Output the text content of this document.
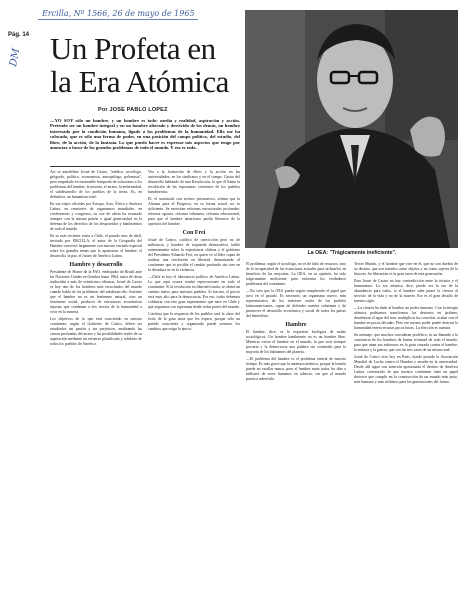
Ercilla, Nº 1566, 26 de mayo de 1965
Pág. 14
DM Un Profeta en
la Era Atómica
Por JOSE PABLO LOPEZ
La OEA: "Trágicamente ineficiente".

—YO SOY sólo un hombre, y un hombre es todo: media y realidad, aspiración y acción. Pretendo ser un hombre integral y en un hombre alterado y desvivido de los demás, un hombre interesado por la condición humana, ligado a los problemas de la humanidad. Ello me ha colocado, que es sólo una forma de poder, en una posición del campo político, del estudio, del libro, de la acción, de la fantasía. Lo que puedo hacer es expresar mis aspectos que tengo por anunciar a favor de los grandes problemas de todo el mundo. Y eso es todo.

Así se autodefine Josué de Castro, "médico, sociólogo, geógrafo, político, economista, antropólogo, polemista", pero empeñado en incansable búsqueda de soluciones a los problemas del hambre, la miseria, el atraso, la enfermedad, el subdesarrollo de los pueblos de la tierra. Es, en definitiva, un humanista total.

En sus viajes oficiales por Europa, Asia, África y América Latina, en reuniones de organismos mundiales, en conferencias y congresos, su voz de alerta ha resonado siempre con la misma pasión e igual generosidad en la defensa de los derechos de los desposeídos y hambrientos de todo el mundo.

En su más reciente visita a Chile, el pasado mes de abril, invitado por ERCILLA, el autor de la Geografía del Hambre conversó largamente con nuestro enviado especial sobre los grandes temas que lo apasionan: el hambre, el desarrollo, la paz, el futuro de América Latina.

Hambre y desarrollo

Presidente de Honor de la FAO, embajador de Brasil ante las Naciones Unidas en Ginebra hasta 1964, autor de obras traducidas a más de veinticinco idiomas, Josué de Castro es hoy uno de los hombres más escuchados del mundo cuando habla de los problemas del subdesarrollo. Sostiene que el hambre no es un fenómeno natural, sino un fenómeno social, producto de estructuras económicas injustas que condenan a dos tercios de la humanidad a vivir en la miseria.

Los objetivos de lo que está ocurriendo en nuestro continente, según el Gobierno de Castro, deben ser estudiados sin pasión y sin prejuicios, analizando las causas profundas del atraso y las posibilidades reales de su superación mediante un esfuerzo planificado y solidario de todos los pueblos de América.

Vea a la formación de élites y la acción en las universidades, en los sindicatos y en el campo. Castro del desarrollo hablando de una Revolución, lo que él llama la revolución de las esperanzas crecientes de los pueblos hambrientos.

El, el sustancial con acertos persuasivos, afirma que la Alianza para el Progreso, en su forma actual, no es suficiente. Se necesitan reformas estructurales profundas: reforma agraria, reforma tributaria, reforma educacional, para que el hombre americano pueda liberarse de la opresión del hambre.

Con Frei

Josué de Castro, católico de convicción pero no de militancia, y hombre de izquierda democrática, habló extensamente sobre la experiencia chilena y el gobierno del Presidente Eduardo Frei, en quien ve al líder capaz de realizar una revolución en libertad, demostrando al continente que es posible el cambio profundo sin caer en la dictadura ni en la violencia.

—Chile es hoy el laboratorio político de América Latina. Lo que aquí ocurra tendrá repercusiones en todo el continente. Si la revolución en libertad triunfa, se abrirá un camino nuevo para nuestros pueblos. Si fracasa, el precio será muy alto para la democracia. Por eso, todos debemos colaborar con este gran experimento que nace en Chile y que seguimos con esperanza desde todas partes del mundo.

Confiesa que la respuesta de los pueblos será la clave del éxito de la gran tarea que les espera, porque sólo un pueblo consciente y organizado puede sostener los cambios que exige la época.

El problema, según el sociólogo, no es de falta de recursos, sino de la incapacidad de las estructuras actuales para utilizarlos en beneficio de las mayorías. La OEA, en su opinión, ha sido trágicamente ineficiente para enfrentar los verdaderos problemas del continente.

—No creo que la OEA pueda seguir cumpliendo el papel que tuvo en el pasado. Es necesario un organismo nuevo, más representativo de los intereses reales de los pueblos latinoamericanos, capaz de defender nuestra soberanía y de promover el desarrollo económico y social de todos los países del hemisferio.

Hambre

El hambre, dice, es la expresión biológica de males sociológicos. Un hombre hambriento no es un hombre libre. Mientras exista el hambre en el mundo, la paz será siempre precaria y la democracia una palabra sin contenido para la mayoría de los habitantes del planeta.

—El problema del hambre es el problema central de nuestro tiempo. Es más grave que la amenaza atómica, porque la bomba puede no estallar nunca, pero el hambre mata todos los días a millones de seres humanos en silencio, sin que el mundo parezca advertirlo.

Tercer Mundo, y el hombre que vive en él, que no son dueños de su destino, que son tratados como objetos y no como sujetos de la historia. Su liberación es la gran tarea de esta generación.

Para Josué de Castro no hay contradicción entre la técnica y el humanismo. La era atómica, dice, puede ser la era de la abundancia para todos, si el hombre sabe poner la ciencia al servicio de la vida y no de la muerte. Ese es el gran desafío de nuestro siglo.

—La ciencia ha dado al hombre un poder inmenso. Con la energía atómica podríamos transformar los desiertos en jardines, desalinizar el agua del mar, multiplicar las cosechas, acabar con el hambre en pocas décadas. Pero ese mismo poder puede destruir la humanidad entera en unas pocas horas. La elección es nuestra.

Su mensaje, que muchos consideran profético, es un llamado a la conciencia de los hombres de buena voluntad de todo el mundo, para que unan sus esfuerzos en la gran cruzada contra el hambre, la miseria y la guerra, que son las tres caras de un mismo mal.

Josué de Castro vive hoy en París, donde preside la Asociación Mundial de Lucha contra el Hambre y enseña en la universidad. Desde allí sigue con atención apasionada el destino de América Latina, convencido de que nuestro continente tiene un papel decisivo que cumplir en la construcción de un mundo más justo, más humano y más solidario para las generaciones del futuro.
